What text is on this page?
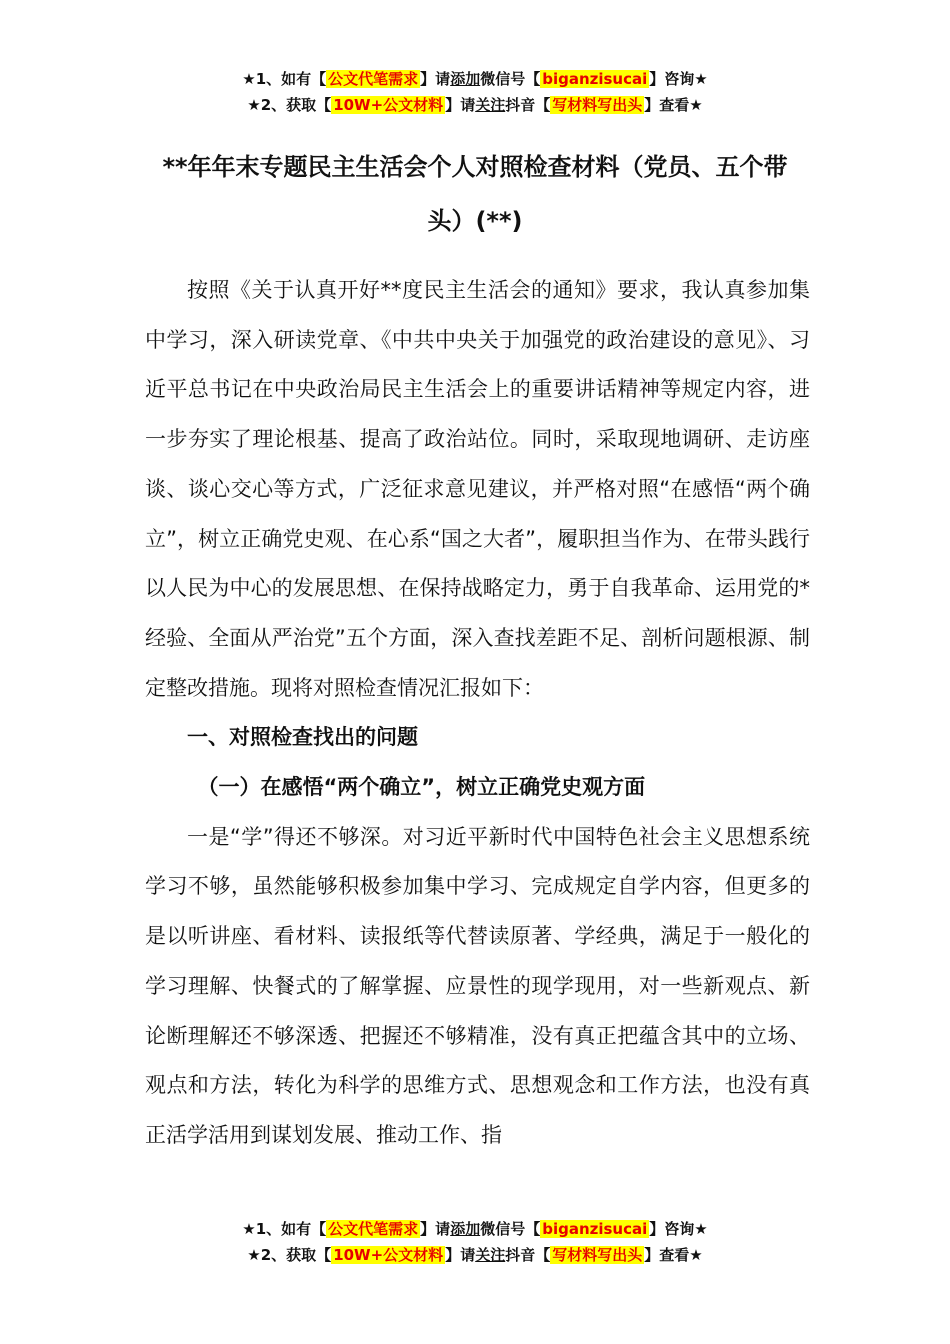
★1、如有【 公文代笔需求 】请添加微信号【 biganzisucai 】咨询★
★2、获取【 10W+公文材料 】请关注抖音【 写材料写出头 】查看★
**年年末专题民主生活会个人对照检查材料（党员、五个带头）(**)

按照《关于认真开好**度民主生活会的通知》要求，我认真参加集中学习，深入研读党章、《中共中央关于加强党的政治建设的意见》、习近平总书记在中央政治局民主生活会上的重要讲话精神等规定内容，进一步夯实了理论根基、提高了政治站位。同时，采取现地调研、走访座谈、谈心交心等方式，广泛征求意见建议，并严格对照“在感悟“两个确立”，树立正确党史观、在心系“国之大者”，履职担当作为、在带头践行以人民为中心的发展思想、在保持战略定力，勇于自我革命、运用党的*经验、全面从严治党”五个方面，深入查找差距不足、剖析问题根源、制定整改措施。现将对照检查情况汇报如下：

一、对照检查找出的问题

（一）在感悟“两个确立”，树立正确党史观方面

一是“学”得还不够深。对习近平新时代中国特色社会主义思想系统学习不够，虽然能够积极参加集中学习、完成规定自学内容，但更多的是以听讲座、看材料、读报纸等代替读原著、学经典，满足于一般化的学习理解、快餐式的了解掌握、应景性的现学现用，对一些新观点、新论断理解还不够深透、把握还不够精准，没有真正把蕴含其中的立场、观点和方法，转化为科学的思维方式、思想观念和工作方法，也没有真正活学活用到谋划发展、推动工作、指

★1、如有【 公文代笔需求 】请添加微信号【 biganzisucai 】咨询★
★2、获取【 10W+公文材料 】请关注抖音【 写材料写出头 】查看★
